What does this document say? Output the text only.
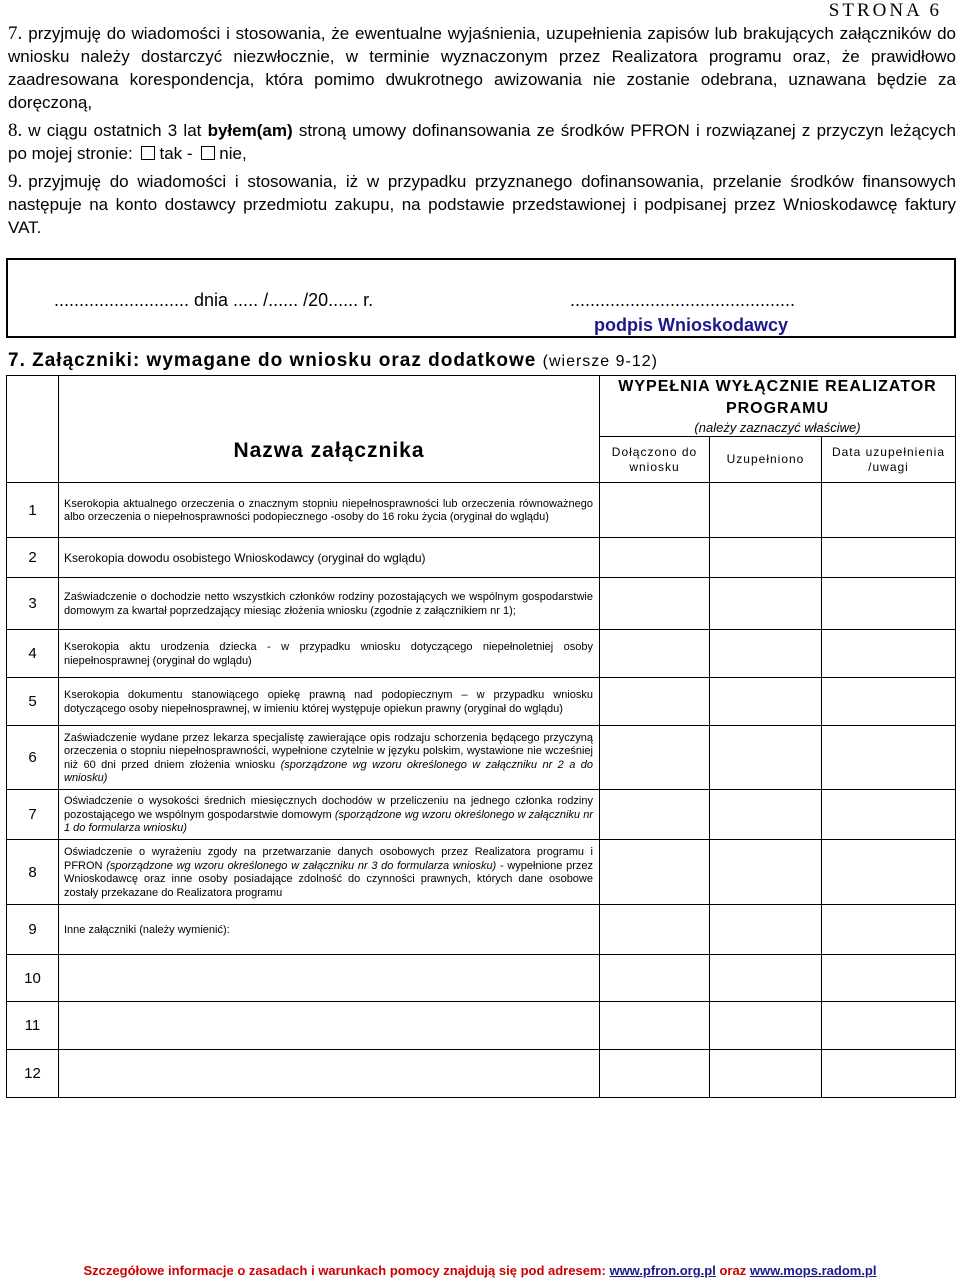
STRONA 6
7. przyjmuję do wiadomości i stosowania, że ewentualne wyjaśnienia, uzupełnienia zapisów lub brakujących załączników do wniosku należy dostarczyć niezwłocznie, w terminie wyznaczonym przez Realizatora programu oraz, że prawidłowo zaadresowana korespondencja, która pomimo dwukrotnego awizowania nie zostanie odebrana, uznawana będzie za doręczoną,
8. w ciągu ostatnich 3 lat byłem(am) stroną umowy dofinansowania ze środków PFRON i rozwiązanej z przyczyn leżących po mojej stronie: tak - nie,
9. przyjmuję do wiadomości i stosowania, iż w przypadku przyznanego dofinansowania, przelanie środków finansowych następuje na konto dostawcy przedmiotu zakupu, na podstawie przedstawionej i podpisanej przez Wnioskodawcę faktury VAT.
........................... dnia ..... /...... /20...... r.	.............................................
podpis Wnioskodawcy
7. Załączniki: wymagane do wniosku oraz dodatkowe (wiersze 9-12)
	Nazwa załącznika	WYPEŁNIA WYŁĄCZNIE REALIZATOR PROGRAMU
(należy zaznaczyć właściwe)		

		Dołączono do wniosku	Uzupełniono	Data uzupełnienia /uwagi
1	Kserokopia aktualnego orzeczenia o znacznym stopniu niepełnosprawności lub orzeczenia równoważnego albo orzeczenia o niepełnosprawności podopiecznego -osoby do 16 roku życia (oryginał do wglądu)			
2	Kserokopia dowodu osobistego Wnioskodawcy (oryginał do wglądu)			
3	Zaświadczenie o dochodzie netto wszystkich członków rodziny pozostających we wspólnym gospodarstwie domowym za kwartał poprzedzający miesiąc złożenia wniosku (zgodnie z załącznikiem nr 1);			
4	Kserokopia aktu urodzenia dziecka - w przypadku wniosku dotyczącego niepełnoletniej osoby niepełnosprawnej (oryginał do wglądu)			
5	Kserokopia dokumentu stanowiącego opiekę prawną nad podopiecznym – w przypadku wniosku dotyczącego osoby niepełnosprawnej, w imieniu której występuje opiekun prawny (oryginał do wglądu)			
6	Zaświadczenie wydane przez lekarza specjalistę zawierające opis rodzaju schorzenia będącego przyczyną orzeczenia o stopniu niepełnosprawności, wypełnione czytelnie w języku polskim, wystawione nie wcześniej niż 60 dni przed dniem złożenia wniosku (sporządzone wg wzoru określonego w załączniku nr 2 a do wniosku)			
7	Oświadczenie o wysokości średnich miesięcznych dochodów w przeliczeniu na jednego członka rodziny pozostającego we wspólnym gospodarstwie domowym (sporządzone wg wzoru określonego w załączniku nr 1 do formularza wniosku)			
8	Oświadczenie o wyrażeniu zgody na przetwarzanie danych osobowych przez Realizatora programu i PFRON (sporządzone wg wzoru określonego w załączniku nr 3 do formularza wniosku) - wypełnione przez Wnioskodawcę oraz inne osoby posiadające zdolność do czynności prawnych, których dane osobowe zostały przekazane do Realizatora programu			
9	Inne załączniki (należy wymienić):			
10				
11				
12				
Szczegółowe informacje o zasadach i warunkach pomocy znajdują się pod adresem: www.pfron.org.pl oraz www.mops.radom.pl
